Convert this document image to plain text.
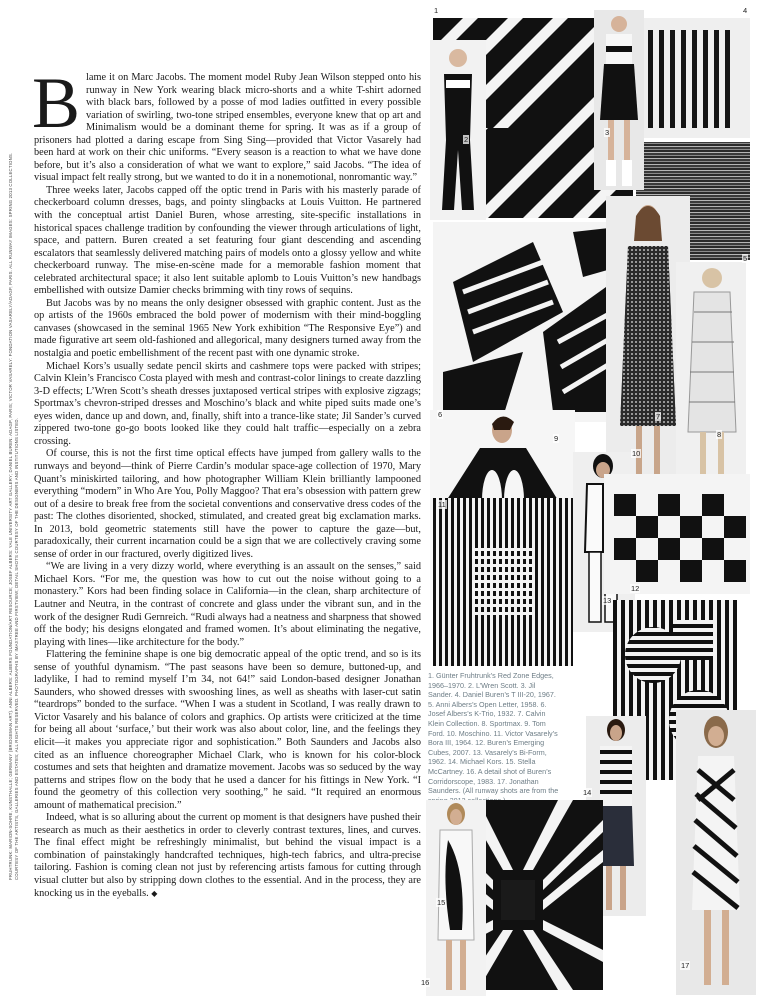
FRUHTRUNK: MARION-SOHRE, KUNSTHALLE; GERMANY (BRIDGEMAN ART). ANNI ALBERS: ALBERS FOUNDATION/ART RESOURCE; JOSEF ALBERS: YALE UNIVERSITY ART GALLERY; DANIEL BUREN: ADAGP, PARIS; VICTOR VASARELY: FONDATION VASARELY/ADAGP, PARIS. ALL RUNWAY IMAGES: SPRING 2013 COLLECTIONS. COURTESY OF THE ARTISTS, GALLERIES AND ESTATES; ALL RIGHTS RESERVED. PHOTOGRAPHS BY IMAXTREE AND FIRSTVIEW; DETAIL SHOTS COURTESY OF THE DESIGNERS AND INSTITUTIONS LISTED.

Blame it on Marc Jacobs. The moment model Ruby Jean Wilson stepped onto his runway in New York wearing black micro-shorts and a white T-shirt adorned with black bars, followed by a posse of mod ladies outfitted in every possible variation of swirling, two-tone striped ensembles, everyone knew that op art and Minimalism would be a dominant theme for spring. It was as if a group of prisoners had plotted a daring escape from Sing Sing—provided that Victor Vasarely had been hard at work on their chic uniforms. “Every season is a reaction to what we have done before, but it’s also a consideration of what we want to explore,” said Jacobs. “The idea of visual impact felt really strong, but we wanted to do it in a nonemotional, nonromantic way.”

Three weeks later, Jacobs capped off the optic trend in Paris with his masterly parade of checkerboard column dresses, bags, and pointy slingbacks at Louis Vuitton. He partnered with the conceptual artist Daniel Buren, whose arresting, site-specific installations in historical spaces challenge tradition by confounding the viewer through articulations of light, space, and pattern. Buren created a set featuring four giant descending and ascending escalators that seamlessly delivered matching pairs of models onto a glossy yellow and white checkerboard runway. The mise-en-scène made for a memorable fashion moment that celebrated architectural space; it also lent suitable aplomb to Louis Vuitton’s new handbags embellished with outsize Damier checks brimming with tiny rows of sequins.

But Jacobs was by no means the only designer obsessed with graphic content. Just as the op artists of the 1960s embraced the bold power of modernism with their mind-boggling canvases (showcased in the seminal 1965 New York exhibition “The Responsive Eye”) and made figurative art seem old-fashioned and allegorical, many designers turned away from the nostalgia and poetic embellishment of the recent past with one dynamic stroke.

Michael Kors’s usually sedate pencil skirts and cashmere tops were packed with stripes; Calvin Klein’s Francisco Costa played with mesh and contrast-color linings to create dazzling 3-D effects; L’Wren Scott’s sheath dresses juxtaposed vertical stripes with explosive zigzags; Sportmax’s chevron-striped dresses and Moschino’s black and white piped suits made one’s eyes widen, dance up and down, and, finally, shift into a trance-like state; Jil Sander’s curved zippered two-tone go-go boots looked like they could halt traffic—especially on a zebra crossing.

Of course, this is not the first time optical effects have jumped from gallery walls to the runways and beyond—think of Pierre Cardin’s modular space-age collection of 1970, Mary Quant’s miniskirted tailoring, and how photographer William Klein brilliantly lampooned everything “modern” in Who Are You, Polly Maggoo? That era’s obsession with pattern grew out of a desire to break free from the societal conventions and conservative dress codes of the past: The clothes disoriented, shocked, stimulated, and created great big exclamation marks. In 2013, bold geometric statements still have the power to capture the gaze—but, paradoxically, their current incarnation could be a sign that we are collectively craving some sense of order in our fractured, overly digitized lives.

“We are living in a very dizzy world, where everything is an assault on the senses,” said Michael Kors. “For me, the question was how to cut out the noise without going to a monastery.” Kors had been finding solace in California—in the clean, sharp architecture of Lautner and Neutra, in the contrast of concrete and glass under the vibrant sun, and in the work of the designer Rudi Gernreich. “Rudi always had a neatness and sharpness that showed off the body; his designs elongated and framed women. It’s about eliminating the negative, playing with lines—like architecture for the body.”

Flattering the feminine shape is one big democratic appeal of the optic trend, and so is its sense of youthful dynamism. “The past seasons have been so demure, buttoned-up, and ladylike, I had to remind myself I’m 34, not 64!” said London-based designer Jonathan Saunders, who showed dresses with swooshing lines, as well as sheaths with laser-cut satin “teardrops” bonded to the surface. “When I was a student in Scotland, I was really drawn to Victor Vasarely and his balance of colors and graphics. Op artists were criticized at the time for being all about ‘surface,’ but their work was also about color, line, and the feelings they elicit—it makes you appreciate rigor and sophistication.” Both Saunders and Jacobs also cited as an influence choreographer Michael Clark, who is known for his color-block costumes and sets that heighten and dramatize movement. Jacobs was so seduced by the way patterns and stripes flow on the body that he used a dancer for his fittings in New York. “I found the geometry of this collection very soothing,” he said. “It required an enormous amount of mathematical precision.”

Indeed, what is so alluring about the current op moment is that designers have pushed their research as much as their aesthetics in order to cleverly contrast textures, lines, and curves. The final effect might be refreshingly minimalist, but behind the visual impact is a combination of painstakingly handcrafted techniques, high-tech fabrics, and ultra-precise tailoring. Fashion is coming clean not just by referencing artists famous for cutting through visual clutter but also by stripping down clothes to the essential. And in the process, they are knocking us in the eyeballs. ◆

1. Günter Fruhtrunk’s Red Zone Edges, 1966–1970. 2. L’Wren Scott. 3. Jil Sander. 4. Daniel Buren’s T III-20, 1967. 5. Anni Albers’s Open Letter, 1958. 6. Josef Albers’s K-Trio, 1932. 7. Calvin Klein Collection. 8. Sportmax. 9. Tom Ford. 10. Moschino. 11. Victor Vasarely’s Bora III, 1964. 12. Buren’s Emerging Cubes, 2007. 13. Vasarely’s Bi-Form, 1962. 14. Michael Kors. 15. Stella McCartney. 16. A detail shot of Buren’s Corridorscope, 1983. 17. Jonathan Saunders. (All runway shots are from the
1
2
3
4
5
6	7
8
9
10
11
12
13
14
15
16
17
